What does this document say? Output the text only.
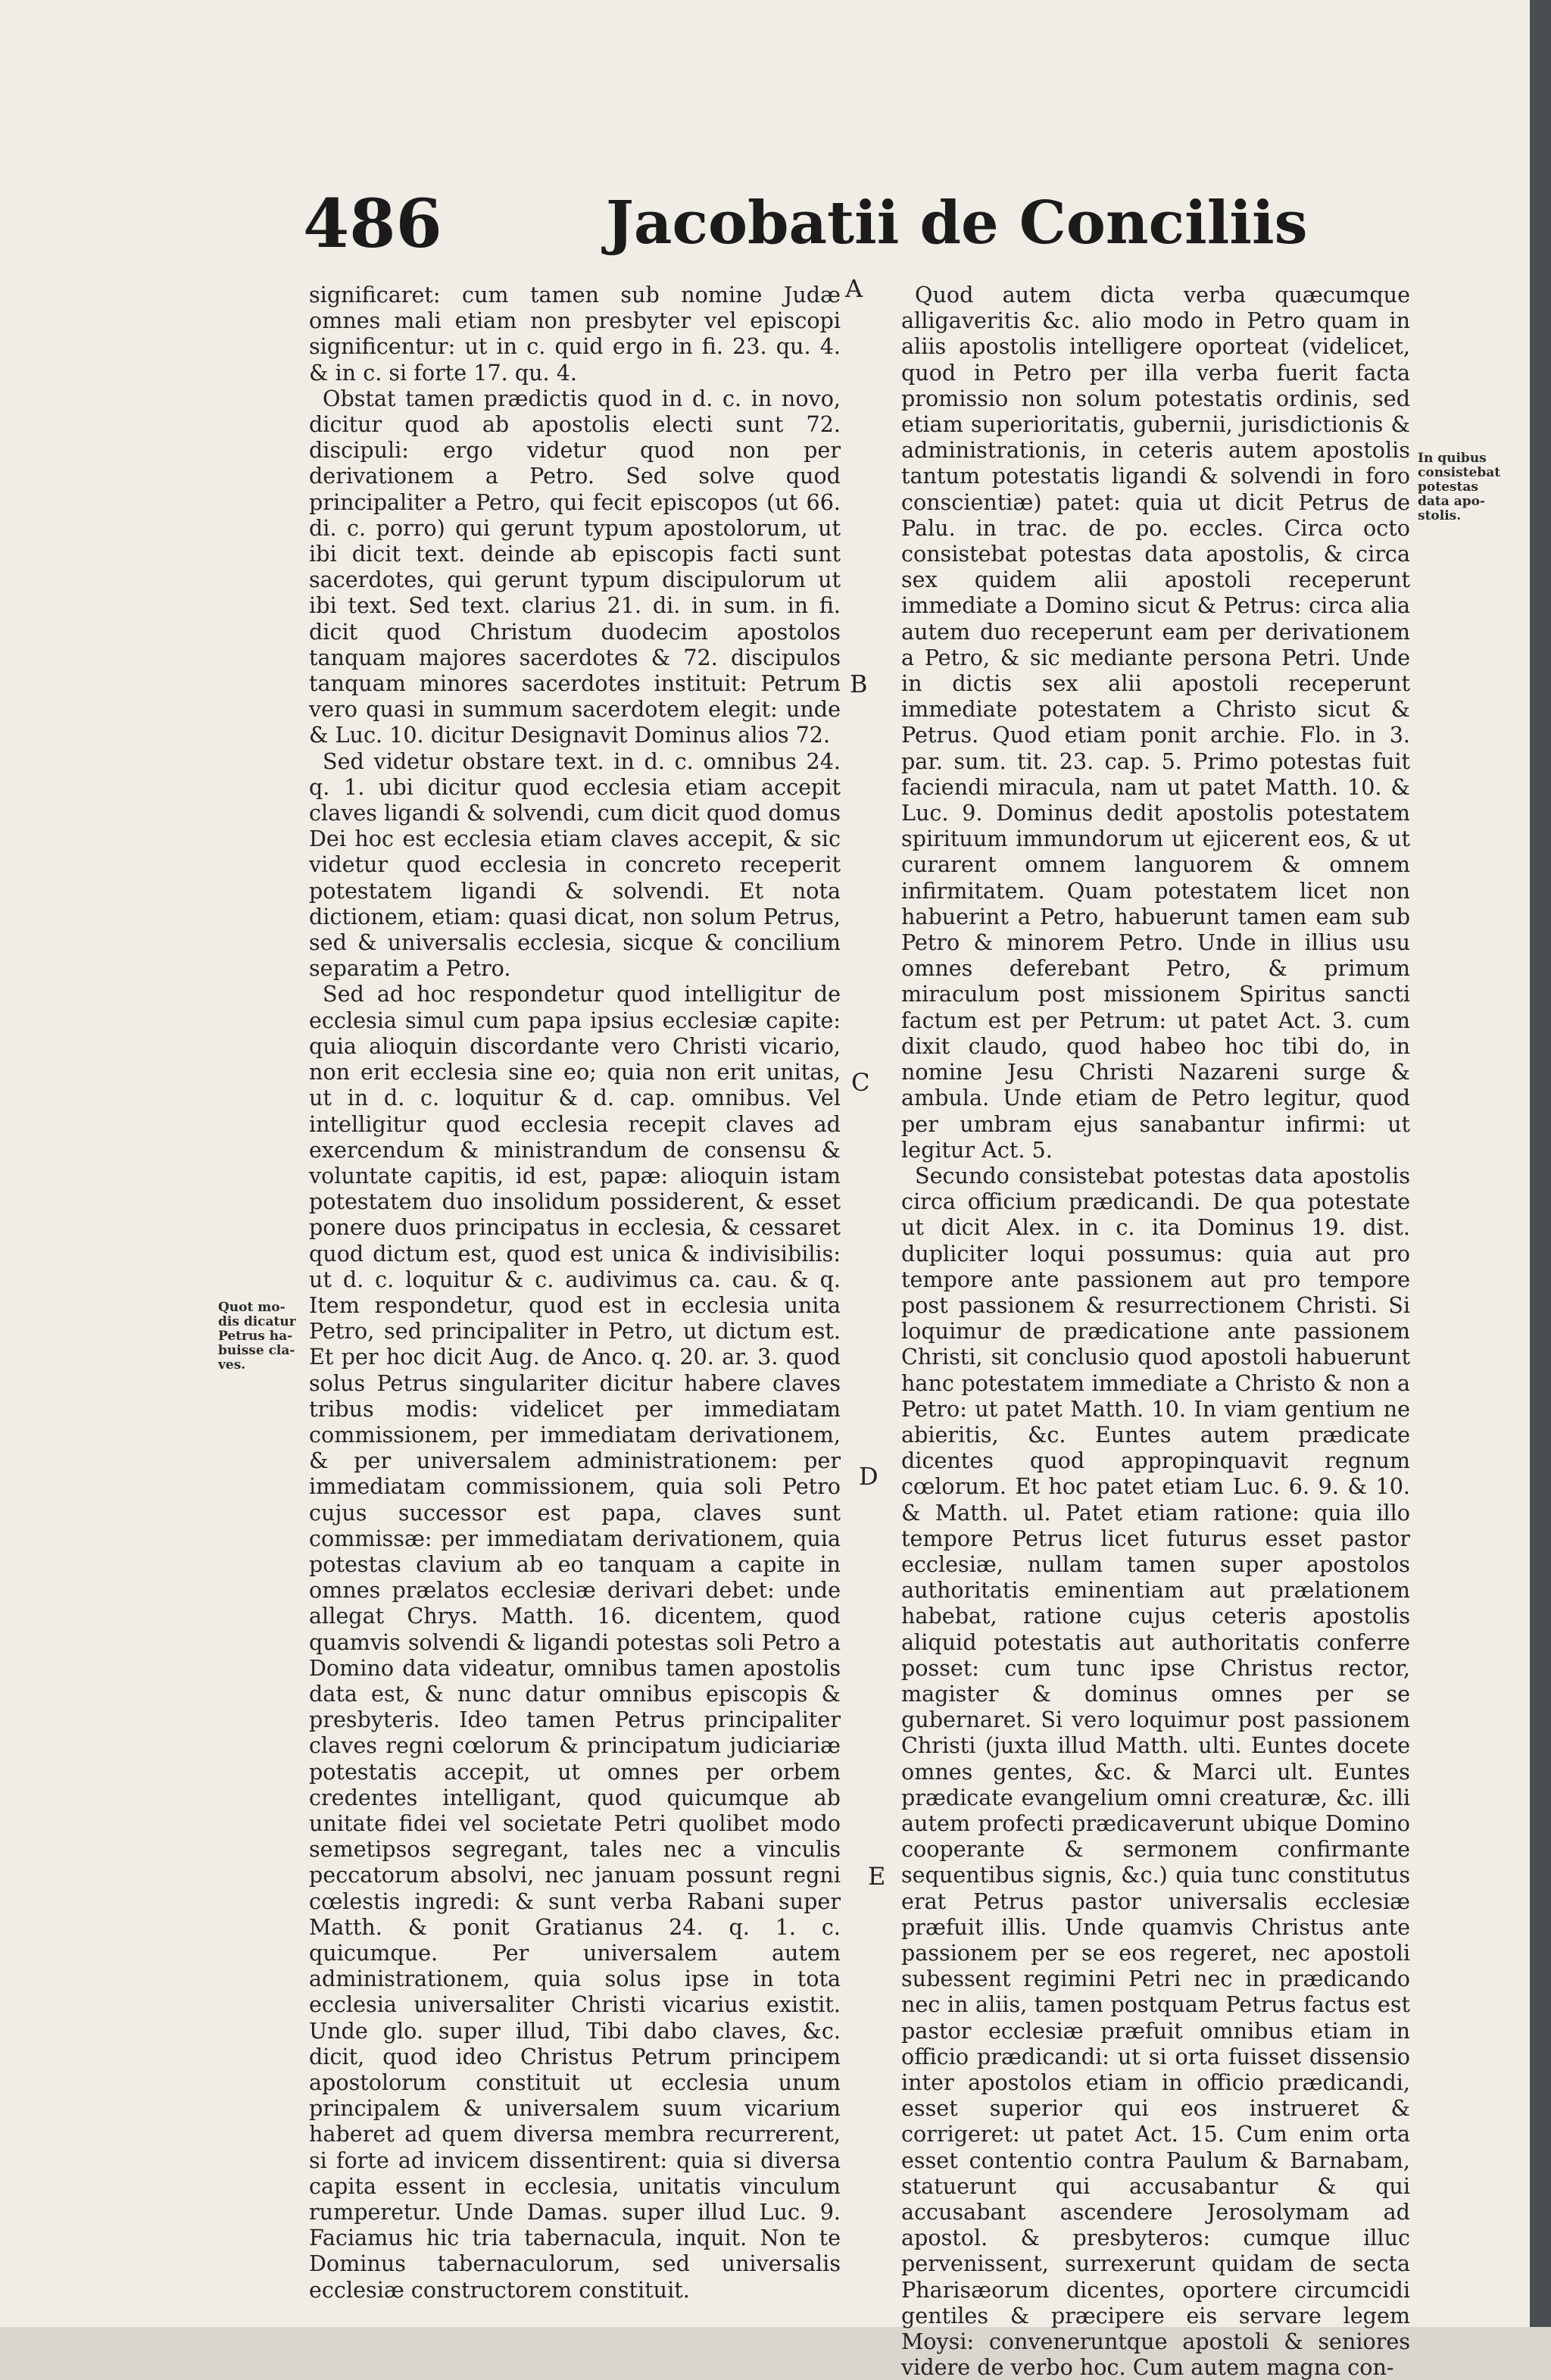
486	Jacobatii de Conciliis

significaret: cum tamen sub nomine Judæ omnes mali etiam non presbyter vel episcopi significentur: ut in c. quid ergo in fi. 23. qu. 4. & in c. si forte 17. qu. 4.

Obstat tamen prædictis quod in d. c. in novo, dicitur quod ab apostolis electi sunt 72. discipuli: ergo videtur quod non per derivationem a Petro. Sed solve quod principaliter a Petro, qui fecit episcopos (ut 66. di. c. porro) qui gerunt typum apostolorum, ut ibi dicit text. deinde ab episcopis facti sunt sacerdotes, qui gerunt typum discipulorum ut ibi text. Sed text. clarius 21. di. in sum. in fi. dicit quod Christum duodecim apostolos tanquam majores sacerdotes & 72. discipulos tanquam minores sacerdotes instituit: Petrum vero quasi in summum sacerdotem elegit: unde & Luc. 10. dicitur Designavit Dominus alios 72.

Sed videtur obstare text. in d. c. omnibus 24. q. 1. ubi dicitur quod ecclesia etiam accepit claves ligandi & solvendi, cum dicit quod domus Dei hoc est ecclesia etiam claves accepit, & sic videtur quod ecclesia in concreto receperit potestatem ligandi & solvendi. Et nota dictionem, etiam: quasi dicat, non solum Petrus, sed & universalis ecclesia, sicque & concilium separatim a Petro.

Sed ad hoc respondetur quod intelligitur de ecclesia simul cum papa ipsius ecclesiæ capite: quia alioquin discordante vero Christi vicario, non erit ecclesia sine eo; quia non erit unitas, ut in d. c. loquitur & d. cap. omnibus. Vel intelligitur quod ecclesia recepit claves ad exercendum & ministrandum de consensu & voluntate capitis, id est, papæ: alioquin istam potestatem duo insolidum possiderent, & esset ponere duos principatus in ecclesia, & cessaret quod dictum est, quod est unica & indivisibilis: ut d. c. loquitur & c. audivimus ca. cau. & q. Item respondetur, quod est in ecclesia unita Petro, sed principaliter in Petro, ut dictum est. Et per hoc dicit Aug. de Anco. q. 20. ar. 3. quod solus Petrus singulariter dicitur habere claves tribus modis: videlicet per immediatam commissionem, per immediatam derivationem, & per universalem administrationem: per immediatam commissionem, quia soli Petro cujus successor est papa, claves sunt commissæ: per immediatam derivationem, quia potestas clavium ab eo tanquam a capite in omnes prælatos ecclesiæ derivari debet: unde allegat Chrys. Matth. 16. dicentem, quod quamvis solvendi & ligandi potestas soli Petro a Domino data videatur, omnibus tamen apostolis data est, & nunc datur omnibus episcopis & presbyteris. Ideo tamen Petrus principaliter claves regni cœlorum & principatum judiciariæ potestatis accepit, ut omnes per orbem credentes intelligant, quod quicumque ab unitate fidei vel societate Petri quolibet modo semetipsos segregant, tales nec a vinculis peccatorum absolvi, nec januam possunt regni cœlestis ingredi: & sunt verba Rabani super Matth. & ponit Gratianus 24. q. 1. c. quicumque. Per universalem autem administrationem, quia solus ipse in tota ecclesia universaliter Christi vicarius existit. Unde glo. super illud, Tibi dabo claves, &c. dicit, quod ideo Christus Petrum principem apostolorum constituit ut ecclesia unum principalem & universalem suum vicarium haberet ad quem diversa membra recurrerent, si forte ad invicem dissentirent: quia si diversa capita essent in ecclesia, unitatis vinculum rumperetur. Unde Damas. super illud Luc. 9. Faciamus hic tria tabernacula, inquit. Non te Dominus tabernaculorum, sed universalis ecclesiæ constructorem constituit.

Quod autem dicta verba quæcumque alligaveritis &c. alio modo in Petro quam in aliis apostolis intelligere oporteat (videlicet, quod in Petro per illa verba fuerit facta promissio non solum potestatis ordinis, sed etiam superioritatis, gubernii, jurisdictionis & administrationis, in ceteris autem apostolis tantum potestatis ligandi & solvendi in foro conscientiæ) patet: quia ut dicit Petrus de Palu. in trac. de po. eccles. Circa octo consistebat potestas data apostolis, & circa sex quidem alii apostoli receperunt immediate a Domino sicut & Petrus: circa alia autem duo receperunt eam per derivationem a Petro, & sic mediante persona Petri. Unde in dictis sex alii apostoli receperunt immediate potestatem a Christo sicut & Petrus. Quod etiam ponit archie. Flo. in 3. par. sum. tit. 23. cap. 5. Primo potestas fuit faciendi miracula, nam ut patet Matth. 10. & Luc. 9. Dominus dedit apostolis potestatem spirituum immundorum ut ejicerent eos, & ut curarent omnem languorem & omnem infirmitatem. Quam potestatem licet non habuerint a Petro, habuerunt tamen eam sub Petro & minorem Petro. Unde in illius usu omnes deferebant Petro, & primum miraculum post missionem Spiritus sancti factum est per Petrum: ut patet Act. 3. cum dixit claudo, quod habeo hoc tibi do, in nomine Jesu Christi Nazareni surge & ambula. Unde etiam de Petro legitur, quod per umbram ejus sanabantur infirmi: ut legitur Act. 5.

Secundo consistebat potestas data apostolis circa officium prædicandi. De qua potestate ut dicit Alex. in c. ita Dominus 19. dist. dupliciter loqui possumus: quia aut pro tempore ante passionem aut pro tempore post passionem & resurrectionem Christi. Si loquimur de prædicatione ante passionem Christi, sit conclusio quod apostoli habuerunt hanc potestatem immediate a Christo & non a Petro: ut patet Matth. 10. In viam gentium ne abieritis, &c. Euntes autem prædicate dicentes quod appropinquavit regnum cœlorum. Et hoc patet etiam Luc. 6. 9. & 10. & Matth. ul. Patet etiam ratione: quia illo tempore Petrus licet futurus esset pastor ecclesiæ, nullam tamen super apostolos authoritatis eminentiam aut prælationem habebat, ratione cujus ceteris apostolis aliquid potestatis aut authoritatis conferre posset: cum tunc ipse Christus rector, magister & dominus omnes per se gubernaret. Si vero loquimur post passionem Christi (juxta illud Matth. ulti. Euntes docete omnes gentes, &c. & Marci ult. Euntes prædicate evangelium omni creaturæ, &c. illi autem profecti prædicaverunt ubique Domino cooperante & sermonem confirmante sequentibus signis, &c.) quia tunc constitutus erat Petrus pastor universalis ecclesiæ præfuit illis. Unde quamvis Christus ante passionem per se eos regeret, nec apostoli subessent regimini Petri nec in prædicando nec in aliis, tamen postquam Petrus factus est pastor ecclesiæ præfuit omnibus etiam in officio prædicandi: ut si orta fuisset dissensio inter apostolos etiam in officio prædicandi, esset superior qui eos instrueret & corrigeret: ut patet Act. 15. Cum enim orta esset contentio contra Paulum & Barnabam, statuerunt qui accusabantur & qui accusabant ascendere Jerosolymam ad apostol. & presbyteros: cumque illuc pervenissent, surrexerunt quidam de secta Pharisæorum dicentes, oportere circumcidi gentiles & præcipere eis servare legem Moysi: conveneruntque apostoli & seniores videre de verbo hoc. Cum autem magna con-

A
B
C
D
E
Quot mo-
dis dicatur
Petrus ha-
buisse cla-
ves.
In quibus
consistebat
potestas
data apo-
stolis.
